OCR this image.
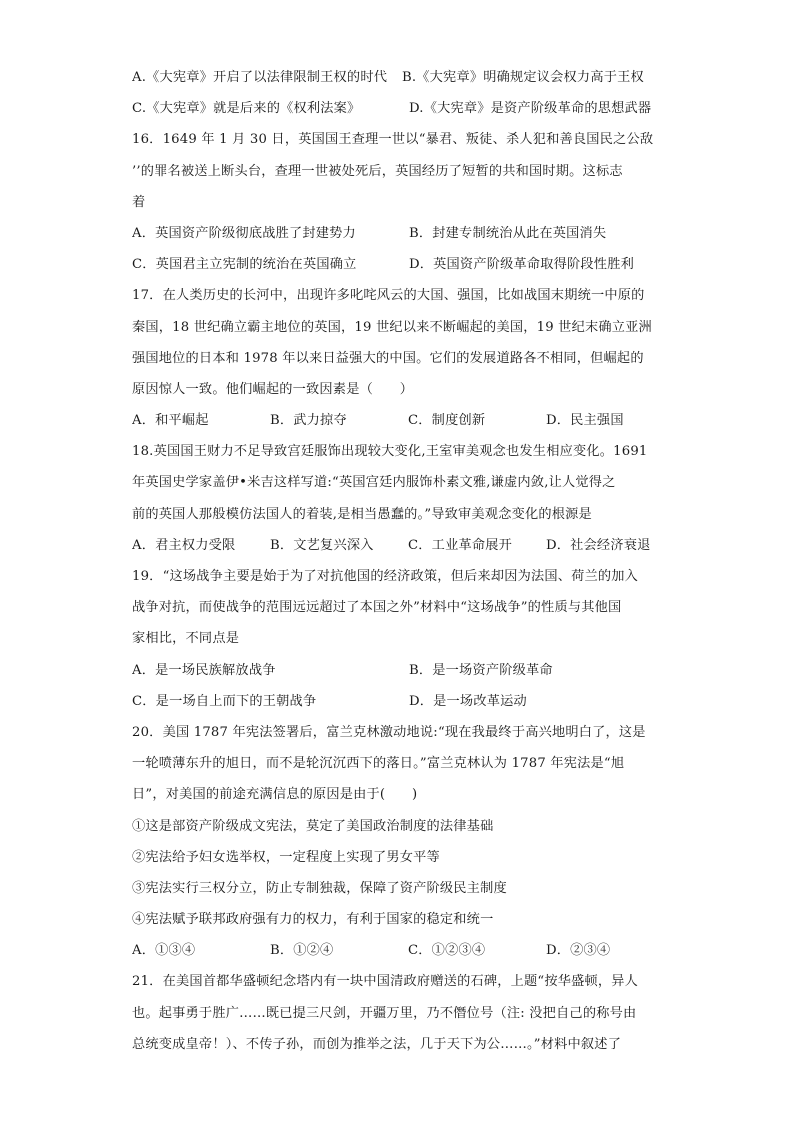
A.《大宪章》开启了以法律限制王权的时代	B.《大宪章》明确规定议会权力高于王权
C.《大宪章》就是后来的《权利法案》	D.《大宪章》是资产阶级革命的思想武器
16．1649 年 1 月 30 日，英国国王查理一世以“暴君、叛徒、杀人犯和善良国民之公敌
’’的罪名被送上断头台，查理一世被处死后，英国经历了短暂的共和国时期。这标志
着
A．英国资产阶级彻底战胜了封建势力	B．封建专制统治从此在英国消失
C．英国君主立宪制的统治在英国确立	D．英国资产阶级革命取得阶段性胜利
17．在人类历史的长河中，出现许多叱咤风云的大国、强国，比如战国末期统一中原的
秦国，18 世纪确立霸主地位的英国，19 世纪以来不断崛起的美国，19 世纪末确立亚洲
强国地位的日本和 1978 年以来日益强大的中国。它们的发展道路各不相同，但崛起的
原因惊人一致。他们崛起的一致因素是（　　）
A．和平崛起	B．武力掠夺	C．制度创新	D．民主强国
18.英国国王财力不足导致宫廷服饰出现较大变化,王室审美观念也发生相应变化。1691
年英国史学家盖伊•米吉这样写道:“英国宫廷内服饰朴素文雅,谦虚内敛,让人觉得之
前的英国人那般模仿法国人的着装,是相当愚蠢的。”导致审美观念变化的根源是
A．君主权力受限	B．文艺复兴深入	C．工业革命展开	D．社会经济衰退
19．“这场战争主要是始于为了对抗他国的经济政策，但后来却因为法国、荷兰的加入
战争对抗，而使战争的范围远远超过了本国之外”材料中“这场战争”的性质与其他国
家相比，不同点是
A．是一场民族解放战争	B．是一场资产阶级革命
C．是一场自上而下的王朝战争	D．是一场改革运动
20．美国 1787 年宪法签署后，富兰克林激动地说:“现在我最终于高兴地明白了，这是
一轮喷薄东升的旭日，而不是轮沉沉西下的落日。”富兰克林认为 1787 年宪法是“旭
日”，对美国的前途充满信息的原因是由于(　　)
①这是部资产阶级成文宪法，莫定了美国政治制度的法律基础
②宪法给予妇女选举权，一定程度上实现了男女平等
③宪法实行三权分立，防止专制独裁，保障了资产阶级民主制度
④宪法赋予联邦政府强有力的权力，有利于国家的稳定和统一
A．①③④	B．①②④	C．①②③④	D．②③④
21．在美国首都华盛顿纪念塔内有一块中国清政府赠送的石碑，上题“按华盛顿，异人
也。起事勇于胜广……既已提三尺剑，开疆万里，乃不僭位号（注: 没把自己的称号由
总统变成皇帝！）、不传子孙，而创为推举之法，几于天下为公……。”材料中叙述了
